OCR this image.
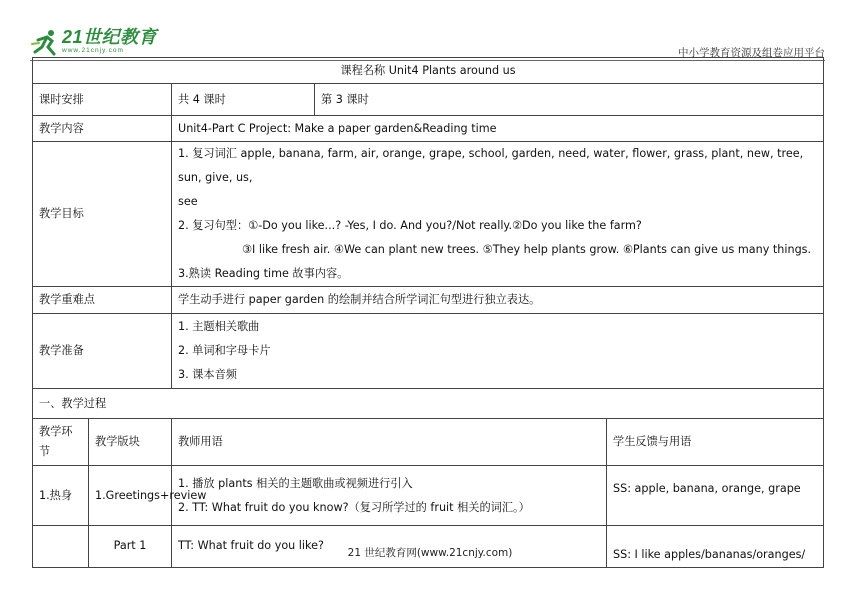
21世纪教育
www.21cnjy.com	中小学教育资源及组卷应用平台
课程名称 Unit4 Plants around us				
课时安排		共 4 课时	第 3 课时	
教学内容		Unit4-Part C Project: Make a paper garden&Reading time		
教学目标		1. 复习词汇 apple, banana, farm, air, orange, grape, school, garden, need, water, flower, grass, plant, new, tree, sun, give, us,
see
2. 复习句型：①-Do you like...? -Yes, I do. And you?/Not really.②Do you like the farm?
③I like fresh air. ④We can plant new trees. ⑤They help plants grow. ⑥Plants can give us many things.
3.熟读 Reading time 故事内容。		

教学重难点		学生动手进行 paper garden 的绘制并结合所学词汇句型进行独立表达。		
教学准备		1. 主题相关歌曲
2. 单词和字母卡片
3. 课本音频		

一、教学过程				
教学环节	教学版块	教师用语		学生反馈与用语
1.热身	1.Greetings+review	1. 播放 plants 相关的主题歌曲或视频进行引入
2. TT: What fruit do you know?（复习所学过的 fruit 相关的词汇。）		SS: apple, banana, orange, grape
	Part 1	TT: What fruit do you like?		SS: I like apples/bananas/oranges/
21 世纪教育网(www.21cnjy.com)
